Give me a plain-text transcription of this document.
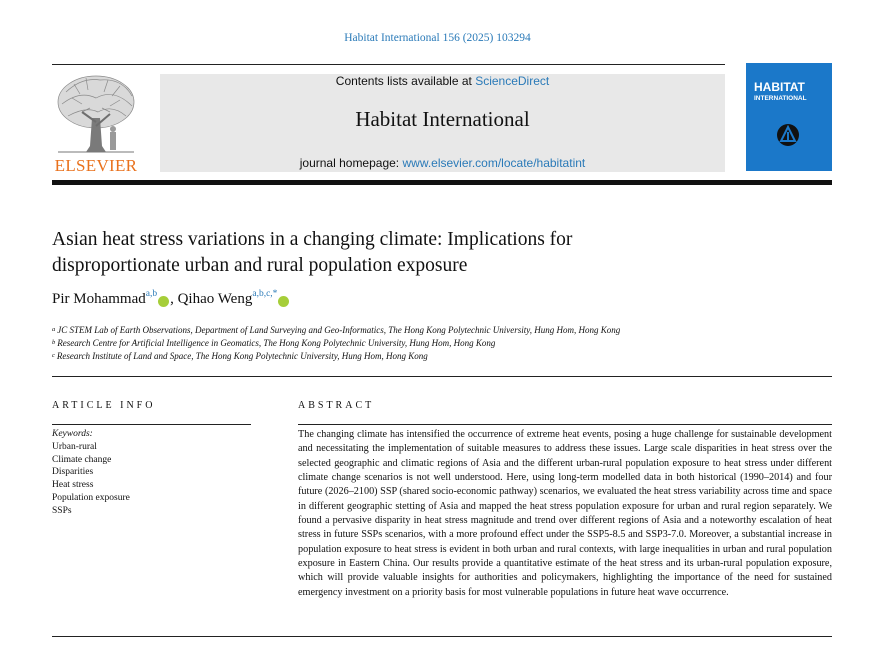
Habitat International 156 (2025) 103294
ELSEVIER
Contents lists available at ScienceDirect
Habitat International
journal homepage: www.elsevier.com/locate/habitatint
HABITAT
INTERNATIONAL
Asian heat stress variations in a changing climate: Implications for
disproportionate urban and rural population exposure
Pir Mohammad$^{a,b}$ , Qihao Weng$^{a,b,c,*}$
$^a$ JC STEM Lab of Earth Observations, Department of Land Surveying and Geo-Informatics, The Hong Kong Polytechnic University, Hung Hom, Hong Kong
$^b$ Research Centre for Artificial Intelligence in Geomatics, The Hong Kong Polytechnic University, Hung Hom, Hong Kong
$^c$ Research Institute of Land and Space, The Hong Kong Polytechnic University, Hung Hom, Hong Kong
ARTICLE INFO
Keywords:
Urban-rural
Climate change
Disparities
Heat stress
Population exposure
SSPs
ABSTRACT
The changing climate has intensified the occurrence of extreme heat events, posing a huge challenge for sustainable development and necessitating the implementation of suitable measures to address these issues. Large scale disparities in heat stress over the selected geographic and climatic regions of Asia and the different urban-rural population exposure to heat stress under different climate change scenarios is not well understood. Here, using long-term modelled data in both historical (1990–2014) and four future (2026–2100) SSP (shared socio-economic pathway) scenarios, we evaluated the heat stress variability across time and space in different geographic stetting of Asia and mapped the heat stress population exposure for urban and rural region separately. We found a pervasive disparity in heat stress magnitude and trend over different regions of Asia and a noteworthy escalation of heat stress in future SSPs scenarios, with a more profound effect under the SSP5-8.5 and SSP3-7.0. Moreover, a substantial increase in population exposure to heat stress is evident in both urban and rural contexts, with large inequalities in urban and rural population exposure in Eastern China. Our results provide a quantitative estimate of the heat stress and its urban-rural population exposure, which will provide valuable insights for authorities and policymakers, highlighting the importance of the need for sustained emergency investment on a priority basis for most vulnerable populations in future heat wave occurrence.
